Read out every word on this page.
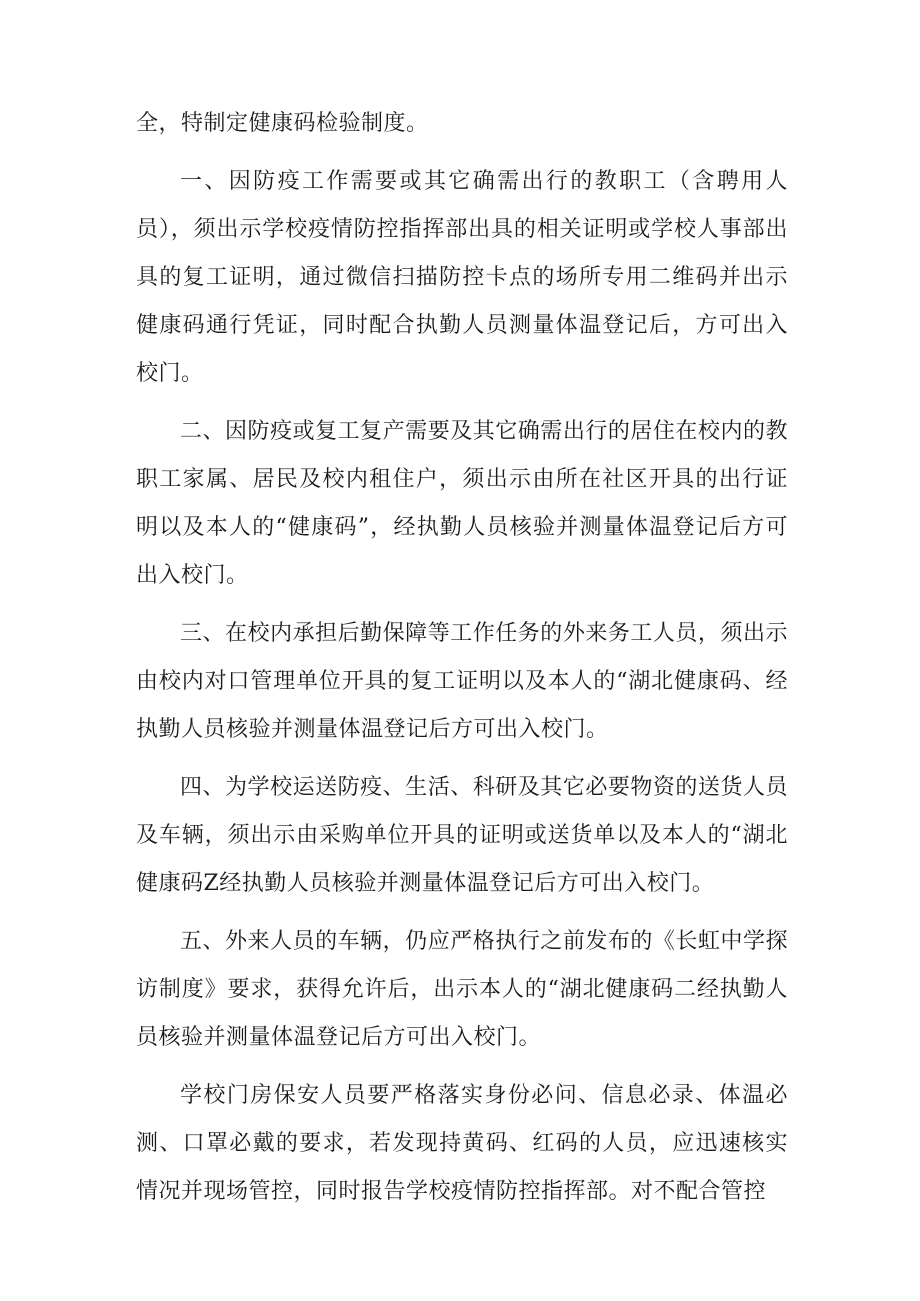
全，特制定健康码检验制度。

一、因防疫工作需要或其它确需出行的教职工（含聘用人员），须出示学校疫情防控指挥部出具的相关证明或学校人事部出具的复工证明，通过微信扫描防控卡点的场所专用二维码并出示健康码通行凭证，同时配合执勤人员测量体温登记后，方可出入校门。

二、因防疫或复工复产需要及其它确需出行的居住在校内的教职工家属、居民及校内租住户，须出示由所在社区开具的出行证明以及本人的“健康码”，经执勤人员核验并测量体温登记后方可出入校门。

三、在校内承担后勤保障等工作任务的外来务工人员，须出示由校内对口管理单位开具的复工证明以及本人的“湖北健康码、经执勤人员核验并测量体温登记后方可出入校门。

四、为学校运送防疫、生活、科研及其它必要物资的送货人员及车辆，须出示由采购单位开具的证明或送货单以及本人的“湖北健康码Z经执勤人员核验并测量体温登记后方可出入校门。

五、外来人员的车辆，仍应严格执行之前发布的《长虹中学探访制度》要求，获得允许后，出示本人的“湖北健康码二经执勤人员核验并测量体温登记后方可出入校门。

学校门房保安人员要严格落实身份必问、信息必录、体温必测、口罩必戴的要求，若发现持黄码、红码的人员，应迅速核实情况并现场管控，同时报告学校疫情防控指挥部。对不配合管控
